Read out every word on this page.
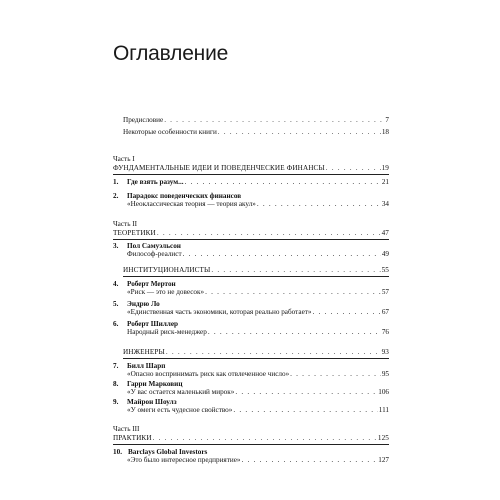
Оглавление
Предисловие . . .	7
Некоторые особенности книги . . .	18
Часть I
ФУНДАМЕНТАЛЬНЫЕ ИДЕИ И ПОВЕДЕНЧЕСКИЕ ФИНАНСЫ . . .	19
1. Где взять разум... . . .	21
2. Парадокс поведенческих финансов
«Неоклассическая теория — теория акул» . . .	34
Часть II
ТЕОРЕТИКИ . . .	47
3. Пол Самуэльсон
Философ-реалист . . .	49
ИНСТИТУЦИОНАЛИСТЫ . . .	55
4. Роберт Мертон
«Риск — это не довесок» . . .	57
5. Эндрю Ло
«Единственная часть экономики, которая реально работает» . . .	67
6. Роберт Шиллер
Народный риск-менеджер . . .	76
ИНЖЕНЕРЫ . . .	93
7. Билл Шарп
«Опасно воспринимать риск как отвлеченное число» . . .	95
8. Гарри Марковиц
«У вас остается маленький мирок» . . .	106
9. Майрон Шоулз
«У омеги есть чудесное свойство» . . .	111
Часть III
ПРАКТИКИ . . .	125
10. Barclays Global Investors
«Это было интересное предприятие» . . .	127
